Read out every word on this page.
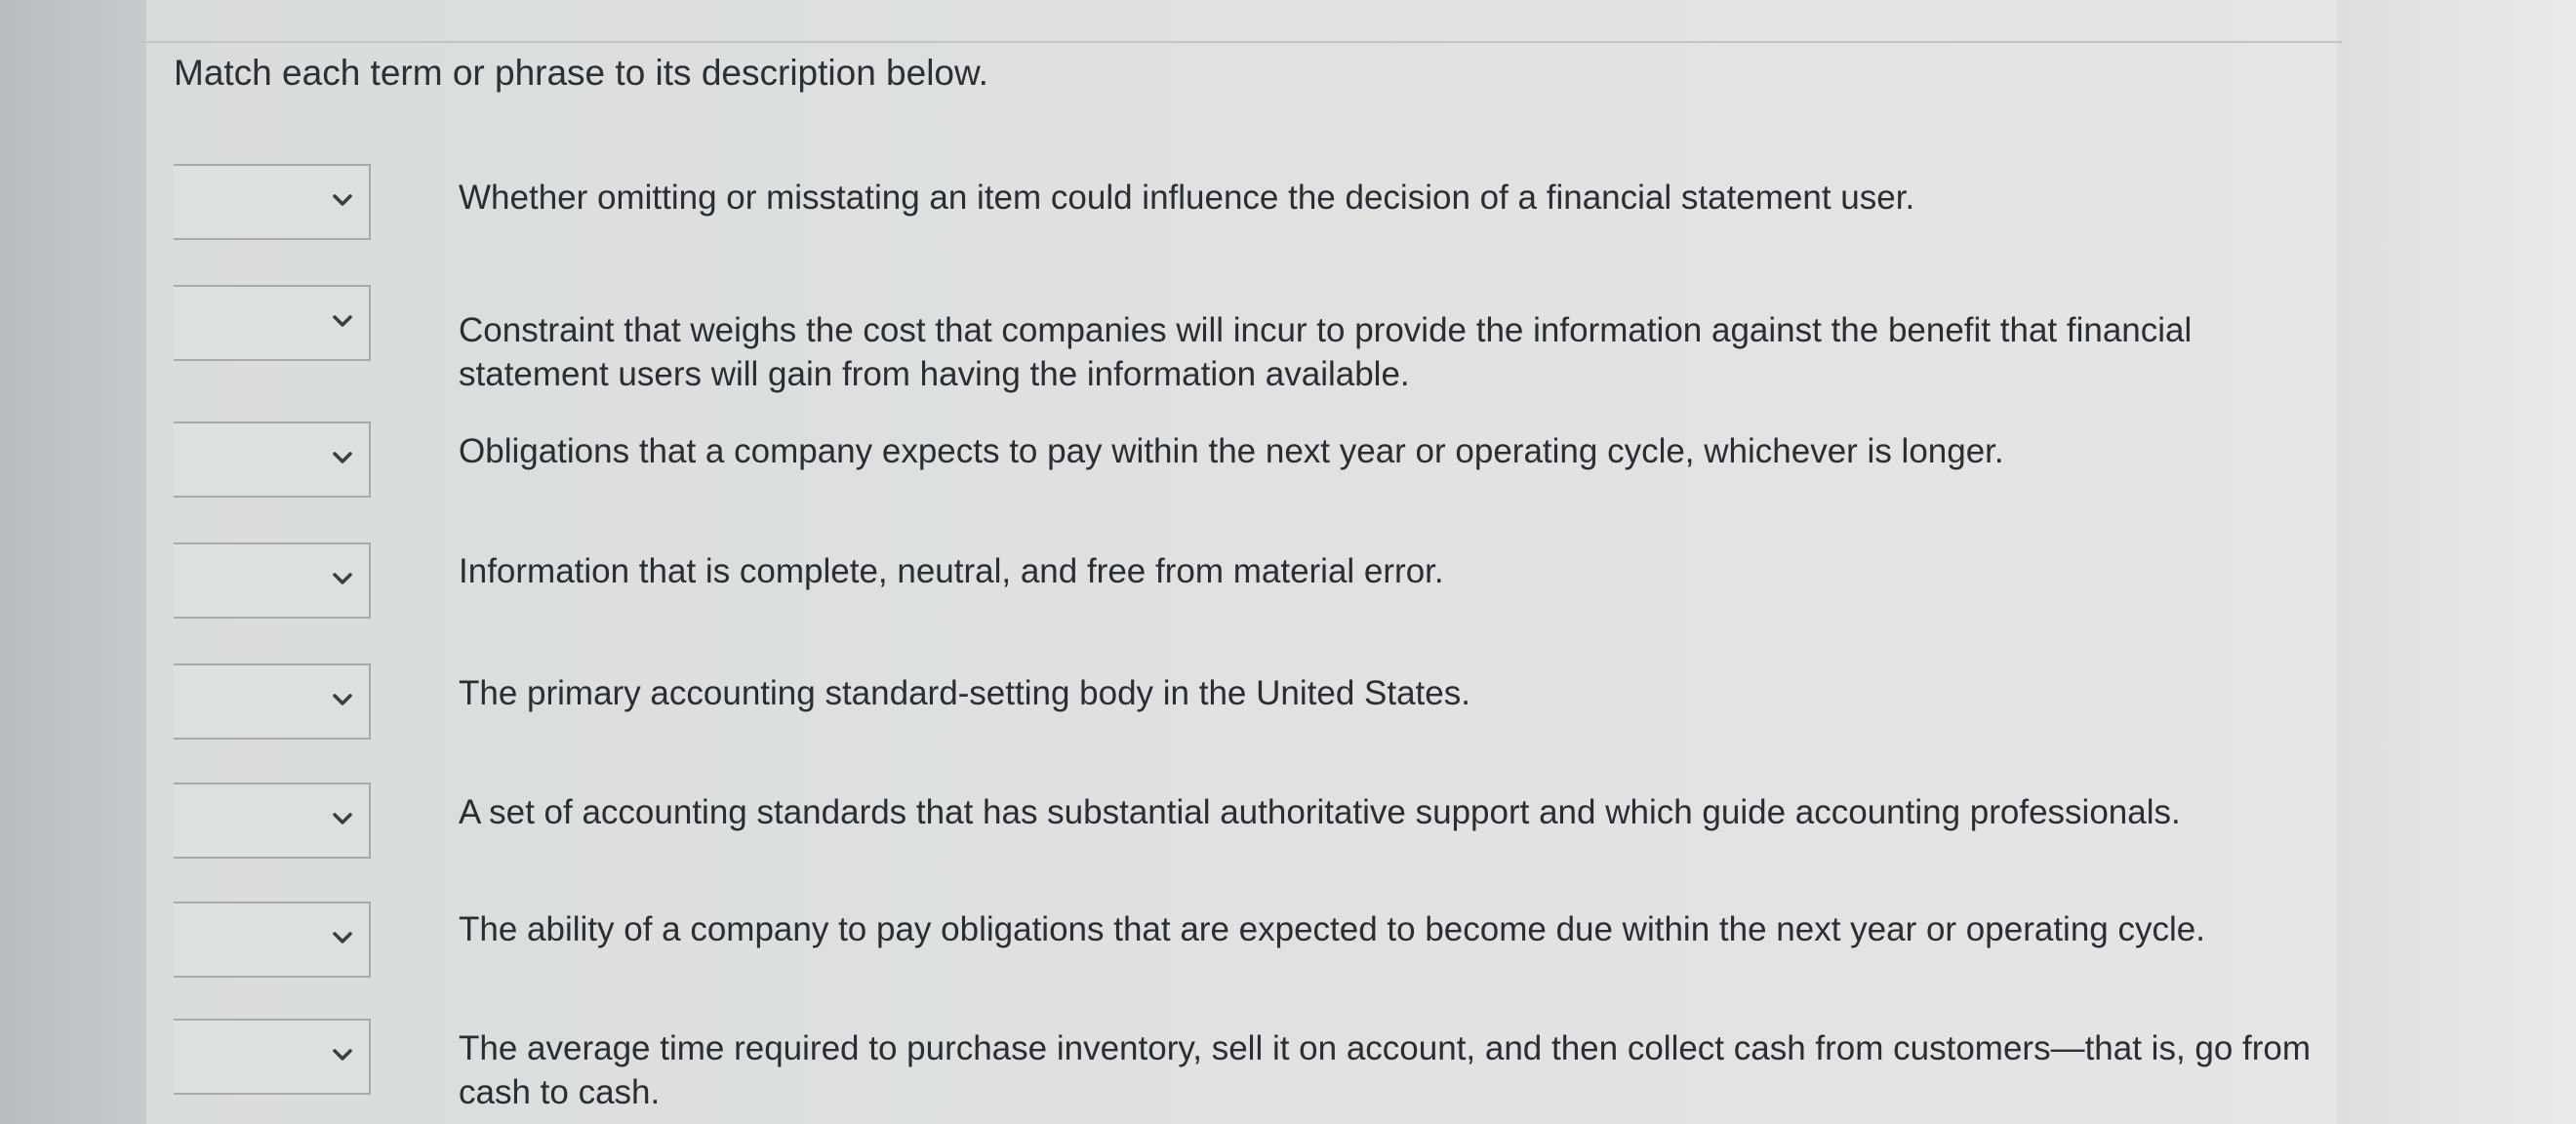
Match each term or phrase to its description below.
Whether omitting or misstating an item could influence the decision of a financial statement user.
Constraint that weighs the cost that companies will incur to provide the information against the benefit that financial statement users will gain from having the information available.
Obligations that a company expects to pay within the next year or operating cycle, whichever is longer.
Information that is complete, neutral, and free from material error.
The primary accounting standard-setting body in the United States.
A set of accounting standards that has substantial authoritative support and which guide accounting professionals.
The ability of a company to pay obligations that are expected to become due within the next year or operating cycle.
The average time required to purchase inventory, sell it on account, and then collect cash from customers—that is, go from cash to cash.
